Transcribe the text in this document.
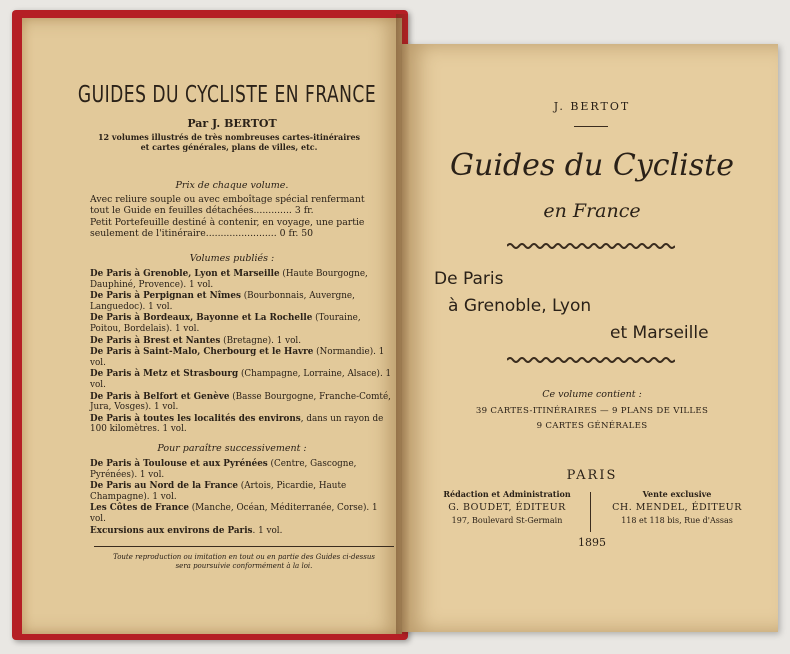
GUIDES DU CYCLISTE EN FRANCE
Par J. BERTOT
12 volumes illustrés de très nombreuses cartes-itinéraires
et cartes générales, plans de villes, etc.
Prix de chaque volume.
Avec reliure souple ou avec emboîtage spécial renfermant
tout le Guide en feuilles détachées............. 3 fr.
Petit Portefeuille destiné à contenir, en voyage, une partie
seulement de l'itinéraire........................ 0 fr. 50
Volumes publiés :
De Paris à Grenoble, Lyon et Marseille (Haute Bourgogne, Dauphiné, Provence). 1 vol.
De Paris à Perpignan et Nîmes (Bourbonnais, Auvergne, Languedoc). 1 vol.
De Paris à Bordeaux, Bayonne et La Rochelle (Touraine, Poitou, Bordelais). 1 vol.
De Paris à Brest et Nantes (Bretagne). 1 vol.
De Paris à Saint-Malo, Cherbourg et le Havre (Normandie). 1 vol.
De Paris à Metz et Strasbourg (Champagne, Lorraine, Alsace). 1 vol.
De Paris à Belfort et Genève (Basse Bourgogne, Franche-Comté, Jura, Vosges). 1 vol.
De Paris à toutes les localités des environs, dans un rayon de 100 kilomètres. 1 vol.
Pour paraître successivement :
De Paris à Toulouse et aux Pyrénées (Centre, Gascogne, Pyrénées). 1 vol.
De Paris au Nord de la France (Artois, Picardie, Haute Champagne). 1 vol.
Les Côtes de France (Manche, Océan, Méditerranée, Corse). 1 vol.
Excursions aux environs de Paris. 1 vol.
Toute reproduction ou imitation en tout ou en partie des Guides ci-dessus
sera poursuivie conformément à la loi.
J. BERTOT
Guides du Cycliste
en France
De Paris
à Grenoble, Lyon
et Marseille
Ce volume contient :
39 CARTES-ITINÉRAIRES — 9 PLANS DE VILLES
9 CARTES GÉNÉRALES
PARIS
Rédaction et Administration
G. BOUDET, ÉDITEUR
197, Boulevard St-Germain
Vente exclusive
CH. MENDEL, ÉDITEUR
118 et 118 bis, Rue d'Assas
1895
